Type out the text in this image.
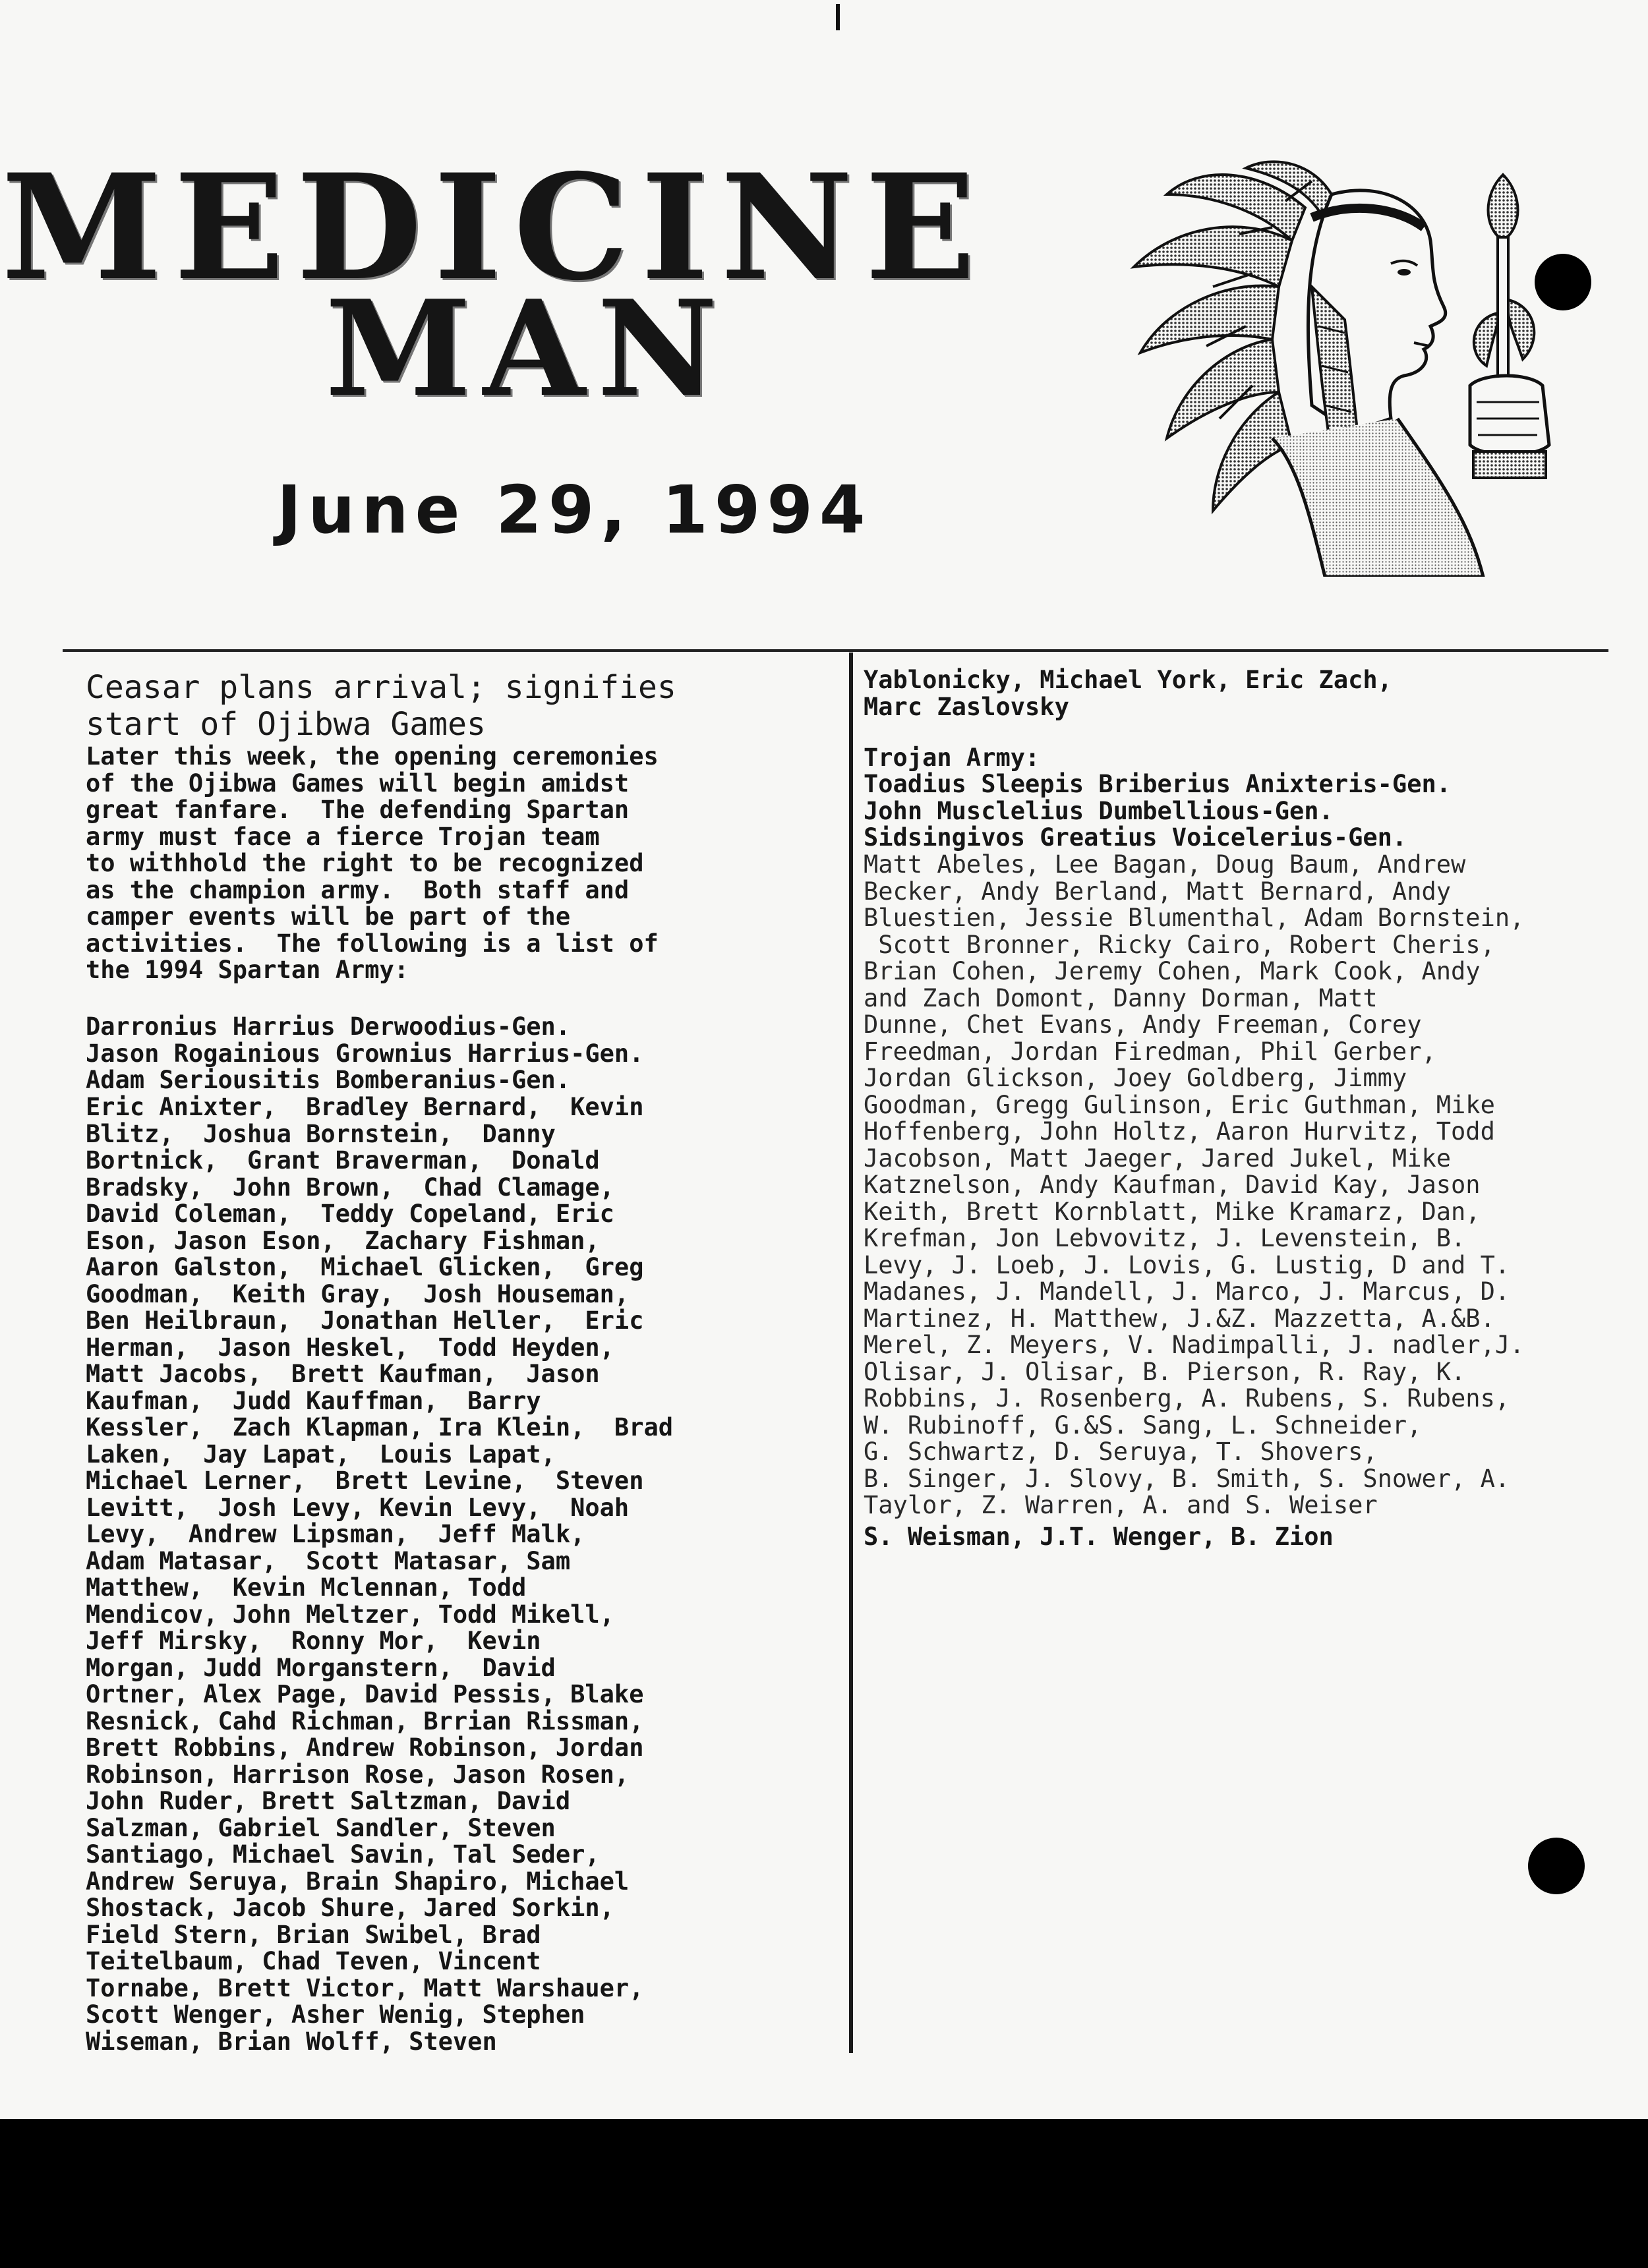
MEDICINE
MAN
June 29, 1994
Ceasar plans arrival; signifies
start of Ojibwa Games
Later this week, the opening ceremonies
of the Ojibwa Games will begin amidst
great fanfare.  The defending Spartan
army must face a fierce Trojan team
to withhold the right to be recognized
as the champion army.  Both staff and
camper events will be part of the
activities.  The following is a list of
the 1994 Spartan Army:
Darronius Harrius Derwoodius-Gen.
Jason Rogainious Grownius Harrius-Gen.
Adam Seriousitis Bomberanius-Gen.
Eric Anixter,  Bradley Bernard,  Kevin
Blitz,  Joshua Bornstein,  Danny
Bortnick,  Grant Braverman,  Donald
Bradsky,  John Brown,  Chad Clamage,
David Coleman,  Teddy Copeland, Eric
Eson, Jason Eson,  Zachary Fishman,
Aaron Galston,  Michael Glicken,  Greg
Goodman,  Keith Gray,  Josh Houseman,
Ben Heilbraun,  Jonathan Heller,  Eric
Herman,  Jason Heskel,  Todd Heyden,
Matt Jacobs,  Brett Kaufman,  Jason
Kaufman,  Judd Kauffman,  Barry
Kessler,  Zach Klapman, Ira Klein,  Brad
Laken,  Jay Lapat,  Louis Lapat,
Michael Lerner,  Brett Levine,  Steven
Levitt,  Josh Levy, Kevin Levy,  Noah
Levy,  Andrew Lipsman,  Jeff Malk,
Adam Matasar,  Scott Matasar, Sam
Matthew,  Kevin Mclennan, Todd
Mendicov, John Meltzer, Todd Mikell,
Jeff Mirsky,  Ronny Mor,  Kevin
Morgan, Judd Morganstern,  David
Ortner, Alex Page, David Pessis, Blake
Resnick, Cahd Richman, Brrian Rissman,
Brett Robbins, Andrew Robinson, Jordan
Robinson, Harrison Rose, Jason Rosen,
John Ruder, Brett Saltzman, David
Salzman, Gabriel Sandler, Steven
Santiago, Michael Savin, Tal Seder,
Andrew Seruya, Brain Shapiro, Michael
Shostack, Jacob Shure, Jared Sorkin,
Field Stern, Brian Swibel, Brad
Teitelbaum, Chad Teven, Vincent
Tornabe, Brett Victor, Matt Warshauer,
Scott Wenger, Asher Wenig, Stephen
Wiseman, Brian Wolff, Steven
Yablonicky, Michael York, Eric Zach,
Marc Zaslovsky
Trojan Army:
Toadius Sleepis Briberius Anixteris-Gen.
John Musclelius Dumbellious-Gen.
Sidsingivos Greatius Voicelerius-Gen.
Matt Abeles, Lee Bagan, Doug Baum, Andrew
Becker, Andy Berland, Matt Bernard, Andy
Bluestien, Jessie Blumenthal, Adam Bornstein,
Scott Bronner, Ricky Cairo, Robert Cheris,
Brian Cohen, Jeremy Cohen, Mark Cook, Andy
and Zach Domont, Danny Dorman, Matt
Dunne, Chet Evans, Andy Freeman, Corey
Freedman, Jordan Firedman, Phil Gerber,
Jordan Glickson, Joey Goldberg, Jimmy
Goodman, Gregg Gulinson, Eric Guthman, Mike
Hoffenberg, John Holtz, Aaron Hurvitz, Todd
Jacobson, Matt Jaeger, Jared Jukel, Mike
Katznelson, Andy Kaufman, David Kay, Jason
Keith, Brett Kornblatt, Mike Kramarz, Dan,
Krefman, Jon Lebvovitz, J. Levenstein, B.
Levy, J. Loeb, J. Lovis, G. Lustig, D and T.
Madanes, J. Mandell, J. Marco, J. Marcus, D.
Martinez, H. Matthew, J.&Z. Mazzetta, A.&B.
Merel, Z. Meyers, V. Nadimpalli, J. nadler,J.
Olisar, J. Olisar, B. Pierson, R. Ray, K.
Robbins, J. Rosenberg, A. Rubens, S. Rubens,
W. Rubinoff, G.&S. Sang, L. Schneider,
G. Schwartz, D. Seruya, T. Shovers,
B. Singer, J. Slovy, B. Smith, S. Snower, A.
Taylor, Z. Warren, A. and S. Weiser
S. Weisman, J.T. Wenger, B. Zion
